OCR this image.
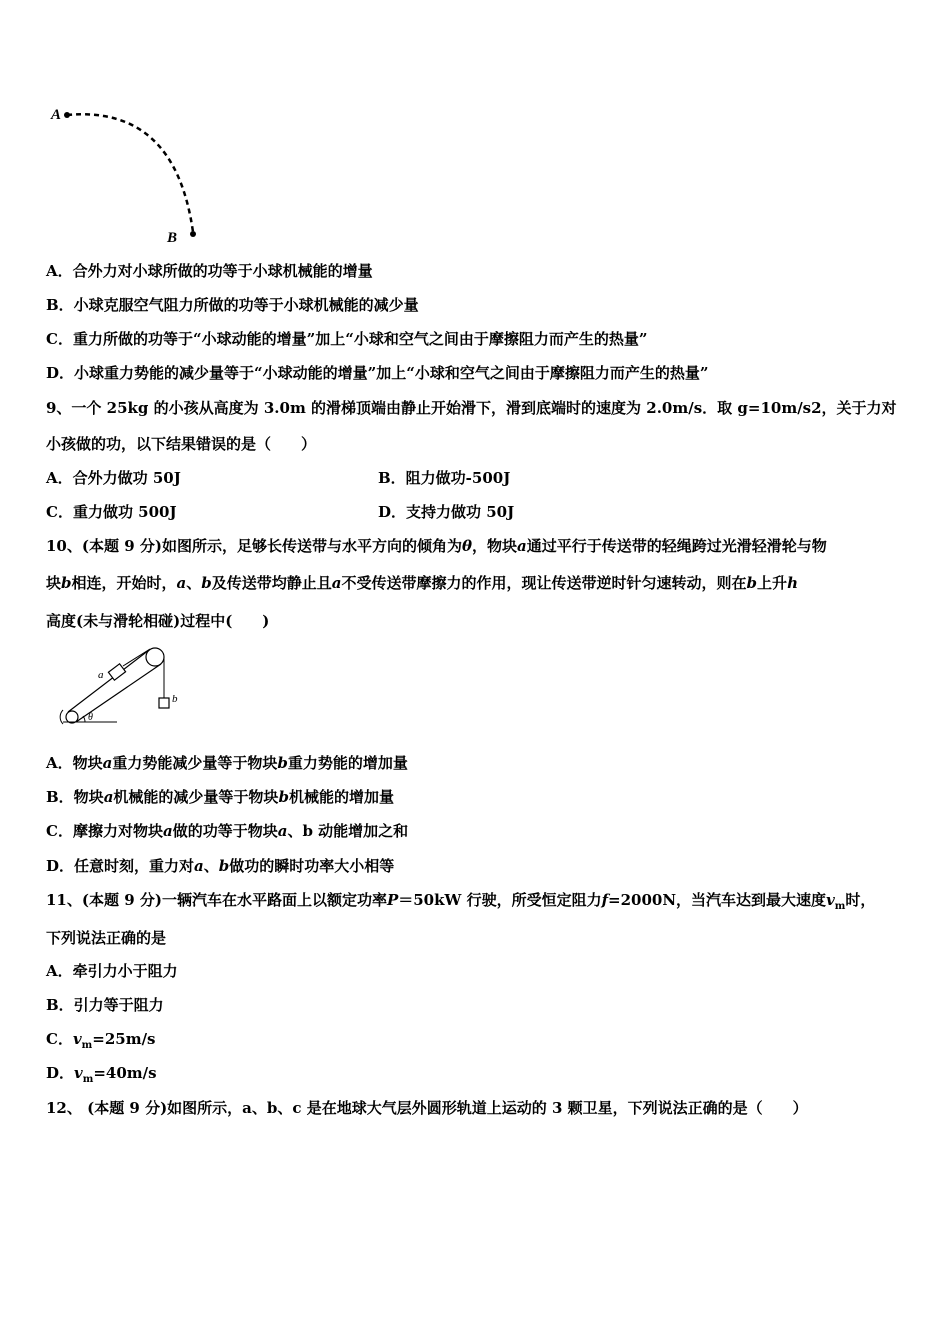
A
B
A．合外力对小球所做的功等于小球机械能的增量
B．小球克服空气阻力所做的功等于小球机械能的减少量
C．重力所做的功等于“小球动能的增量”加上“小球和空气之间由于摩擦阻力而产生的热量”
D．小球重力势能的减少量等于“小球动能的增量”加上“小球和空气之间由于摩擦阻力而产生的热量”
9、一个 25kg 的小孩从高度为 3.0m 的滑梯顶端由静止开始滑下，滑到底端时的速度为 2.0m/s．取 g=10m/s2，关于力对
小孩做的功，以下结果错误的是（　　）
A．合外力做功 50J	B．阻力做功-500J
C．重力做功 500J	D．支持力做功 50J
10、(本题 9 分)如图所示，足够长传送带与水平方向的倾角为θ，物块a通过平行于传送带的轻绳跨过光滑轻滑轮与物
块b相连，开始时，a、b及传送带均静止且a不受传送带摩擦力的作用，现让传送带逆时针匀速转动，则在b上升h
高度(未与滑轮相碰)过程中(　　)
a
b
θ
A．物块a重力势能减少量等于物块b重力势能的增加量
B．物块a机械能的减少量等于物块b机械能的增加量
C．摩擦力对物块a做的功等于物块a、b 动能增加之和
D．任意时刻，重力对a、b做功的瞬时功率大小相等
11、(本题 9 分)一辆汽车在水平路面上以额定功率P＝50kW 行驶，所受恒定阻力f=2000N，当汽车达到最大速度$v_m$时，
下列说法正确的是
A．牵引力小于阻力
B．引力等于阻力
C．$v_m=25m/s$
D．$v_m=40m/s$
12、 (本题 9 分)如图所示，a、b、c 是在地球大气层外圆形轨道上运动的 3 颗卫星，下列说法正确的是（　　）
